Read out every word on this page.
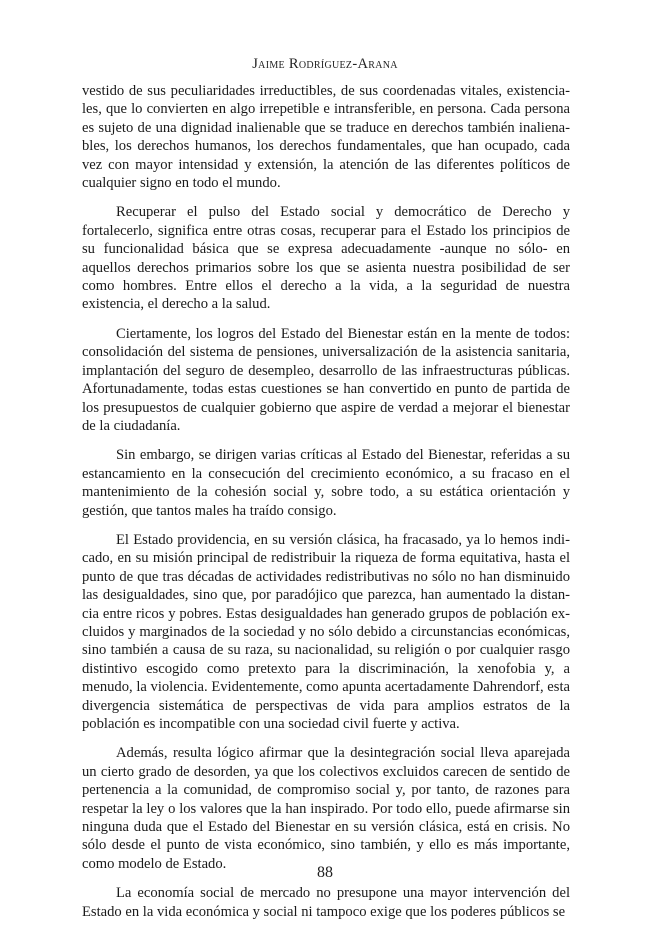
Jaime Rodríguez-Arana

vestido de sus peculiaridades irreductibles, de sus coordenadas vitales, existenciales, que lo convierten en algo irrepetible e intransferible, en persona. Cada persona es sujeto de una dignidad inalienable que se traduce en derechos también inalienables, los derechos humanos, los derechos fundamentales, que han ocupado, cada vez con mayor intensidad y extensión, la atención de las diferentes políticos de cualquier signo en todo el mundo.

Recuperar el pulso del Estado social y democrático de Derecho y fortalecerlo, significa entre otras cosas, recuperar para el Estado los principios de su funcionalidad básica que se expresa adecuadamente -aunque no sólo- en aquellos derechos primarios sobre los que se asienta nuestra posibilidad de ser como hombres. Entre ellos el derecho a la vida, a la seguridad de nuestra existencia, el derecho a la salud.

Ciertamente, los logros del Estado del Bienestar están en la mente de todos: consolidación del sistema de pensiones, universalización de la asistencia sanitaria, implantación del seguro de desempleo, desarrollo de las infraestructuras públicas. Afortunadamente, todas estas cuestiones se han convertido en punto de partida de los presupuestos de cualquier gobierno que aspire de verdad a mejorar el bienestar de la ciudadanía.

Sin embargo, se dirigen varias críticas al Estado del Bienestar, referidas a su estancamiento en la consecución del crecimiento económico, a su fracaso en el mantenimiento de la cohesión social y, sobre todo, a su estática orientación y gestión, que tantos males ha traído consigo.

El Estado providencia, en su versión clásica, ha fracasado, ya lo hemos indicado, en su misión principal de redistribuir la riqueza de forma equitativa, hasta el punto de que tras décadas de actividades redistributivas no sólo no han disminuido las desigualdades, sino que, por paradójico que parezca, han aumentado la distancia entre ricos y pobres. Estas desigualdades han generado grupos de población excluidos y marginados de la sociedad y no sólo debido a circunstancias económicas, sino también a causa de su raza, su nacionalidad, su religión o por cualquier rasgo distintivo escogido como pretexto para la discriminación, la xenofobia y, a menudo, la violencia. Evidentemente, como apunta acertadamente Dahrendorf, esta divergencia sistemática de perspectivas de vida para amplios estratos de la población es incompatible con una sociedad civil fuerte y activa.

Además, resulta lógico afirmar que la desintegración social lleva aparejada un cierto grado de desorden, ya que los colectivos excluidos carecen de sentido de pertenencia a la comunidad, de compromiso social y, por tanto, de razones para respetar la ley o los valores que la han inspirado. Por todo ello, puede afirmarse sin ninguna duda que el Estado del Bienestar en su versión clásica, está en crisis. No sólo desde el punto de vista económico, sino también, y ello es más importante, como modelo de Estado.

La economía social de mercado no presupone una mayor intervención del Estado en la vida económica y social ni tampoco exige que los poderes públicos se

88
